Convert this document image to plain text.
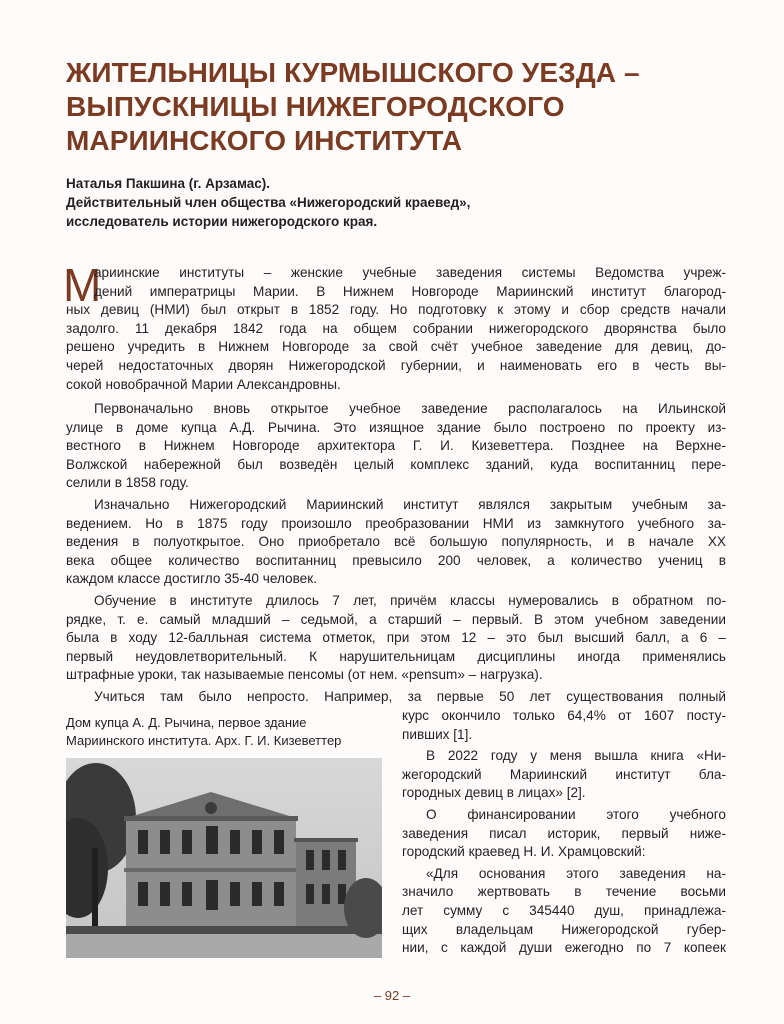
ЖИТЕЛЬНИЦЫ КУРМЫШСКОГО УЕЗДА –
ВЫПУСКНИЦЫ НИЖЕГОРОДСКОГО
МАРИИНСКОГО ИНСТИТУТА
Наталья Пакшина (г. Арзамас).
Действительный член общества «Нижегородский краевед»,
исследователь истории нижегородского края.
М
ариинские институты – женские учебные заведения системы Ведомства учреж-
дений императрицы Марии. В Нижнем Новгороде Мариинский институт благород-
ных девиц (НМИ) был открыт в 1852 году. Но подготовку к этому и сбор средств начали
задолго. 11 декабря 1842 года на общем собрании нижегородского дворянства было
решено учредить в Нижнем Новгороде за свой счёт учебное заведение для девиц, до-
черей недостаточных дворян Нижегородской губернии, и наименовать его в честь вы-
сокой новобрачной Марии Александровны.
Первоначально вновь открытое учебное заведение располагалось на Ильинской
улице в доме купца А.Д. Рычина. Это изящное здание было построено по проекту из-
вестного в Нижнем Новгороде архитектора Г. И. Кизеветтера. Позднее на Верхне-
Волжской набережной был возведён целый комплекс зданий, куда воспитанниц пере-
селили в 1858 году.
Изначально Нижегородский Мариинский институт являлся закрытым учебным за-
ведением. Но в 1875 году произошло преобразовании НМИ из замкнутого учебного за-
ведения в полуоткрытое. Оно приобретало всё большую популярность, и в начале XX
века общее количество воспитанниц превысило 200 человек, а количество учениц в
каждом классе достигло 35-40 человек.
Обучение в институте длилось 7 лет, причём классы нумеровались в обратном по-
рядке, т. е. самый младший – седьмой, а старший – первый. В этом учебном заведении
была в ходу 12-балльная система отметок, при этом 12 – это был высший балл, а 6 –
первый неудовлетворительный. К нарушительницам дисциплины иногда применялись
штрафные уроки, так называемые пенсомы (от нем. «pensum» – нагрузка).
Учиться там было непросто. Например, за первые 50 лет существования полный
курс окончило только 64,4% от 1607 посту-
пивших [1].
В 2022 году у меня вышла книга «Ни-
жегородский Мариинский институт бла-
городных девиц в лицах» [2].
О финансировании этого учебного
заведения писал историк, первый ниже-
городский краевед Н. И. Храмцовский:
«Для основания этого заведения на-
значило жертвовать в течение восьми
лет сумму с 345440 душ, принадлежа-
щих владельцам Нижегородской губер-
нии, с каждой души ежегодно по 7 копеек
Дом купца А. Д. Рычина, первое здание
Мариинского института. Арх. Г. И. Кизеветтер
– 92 –
